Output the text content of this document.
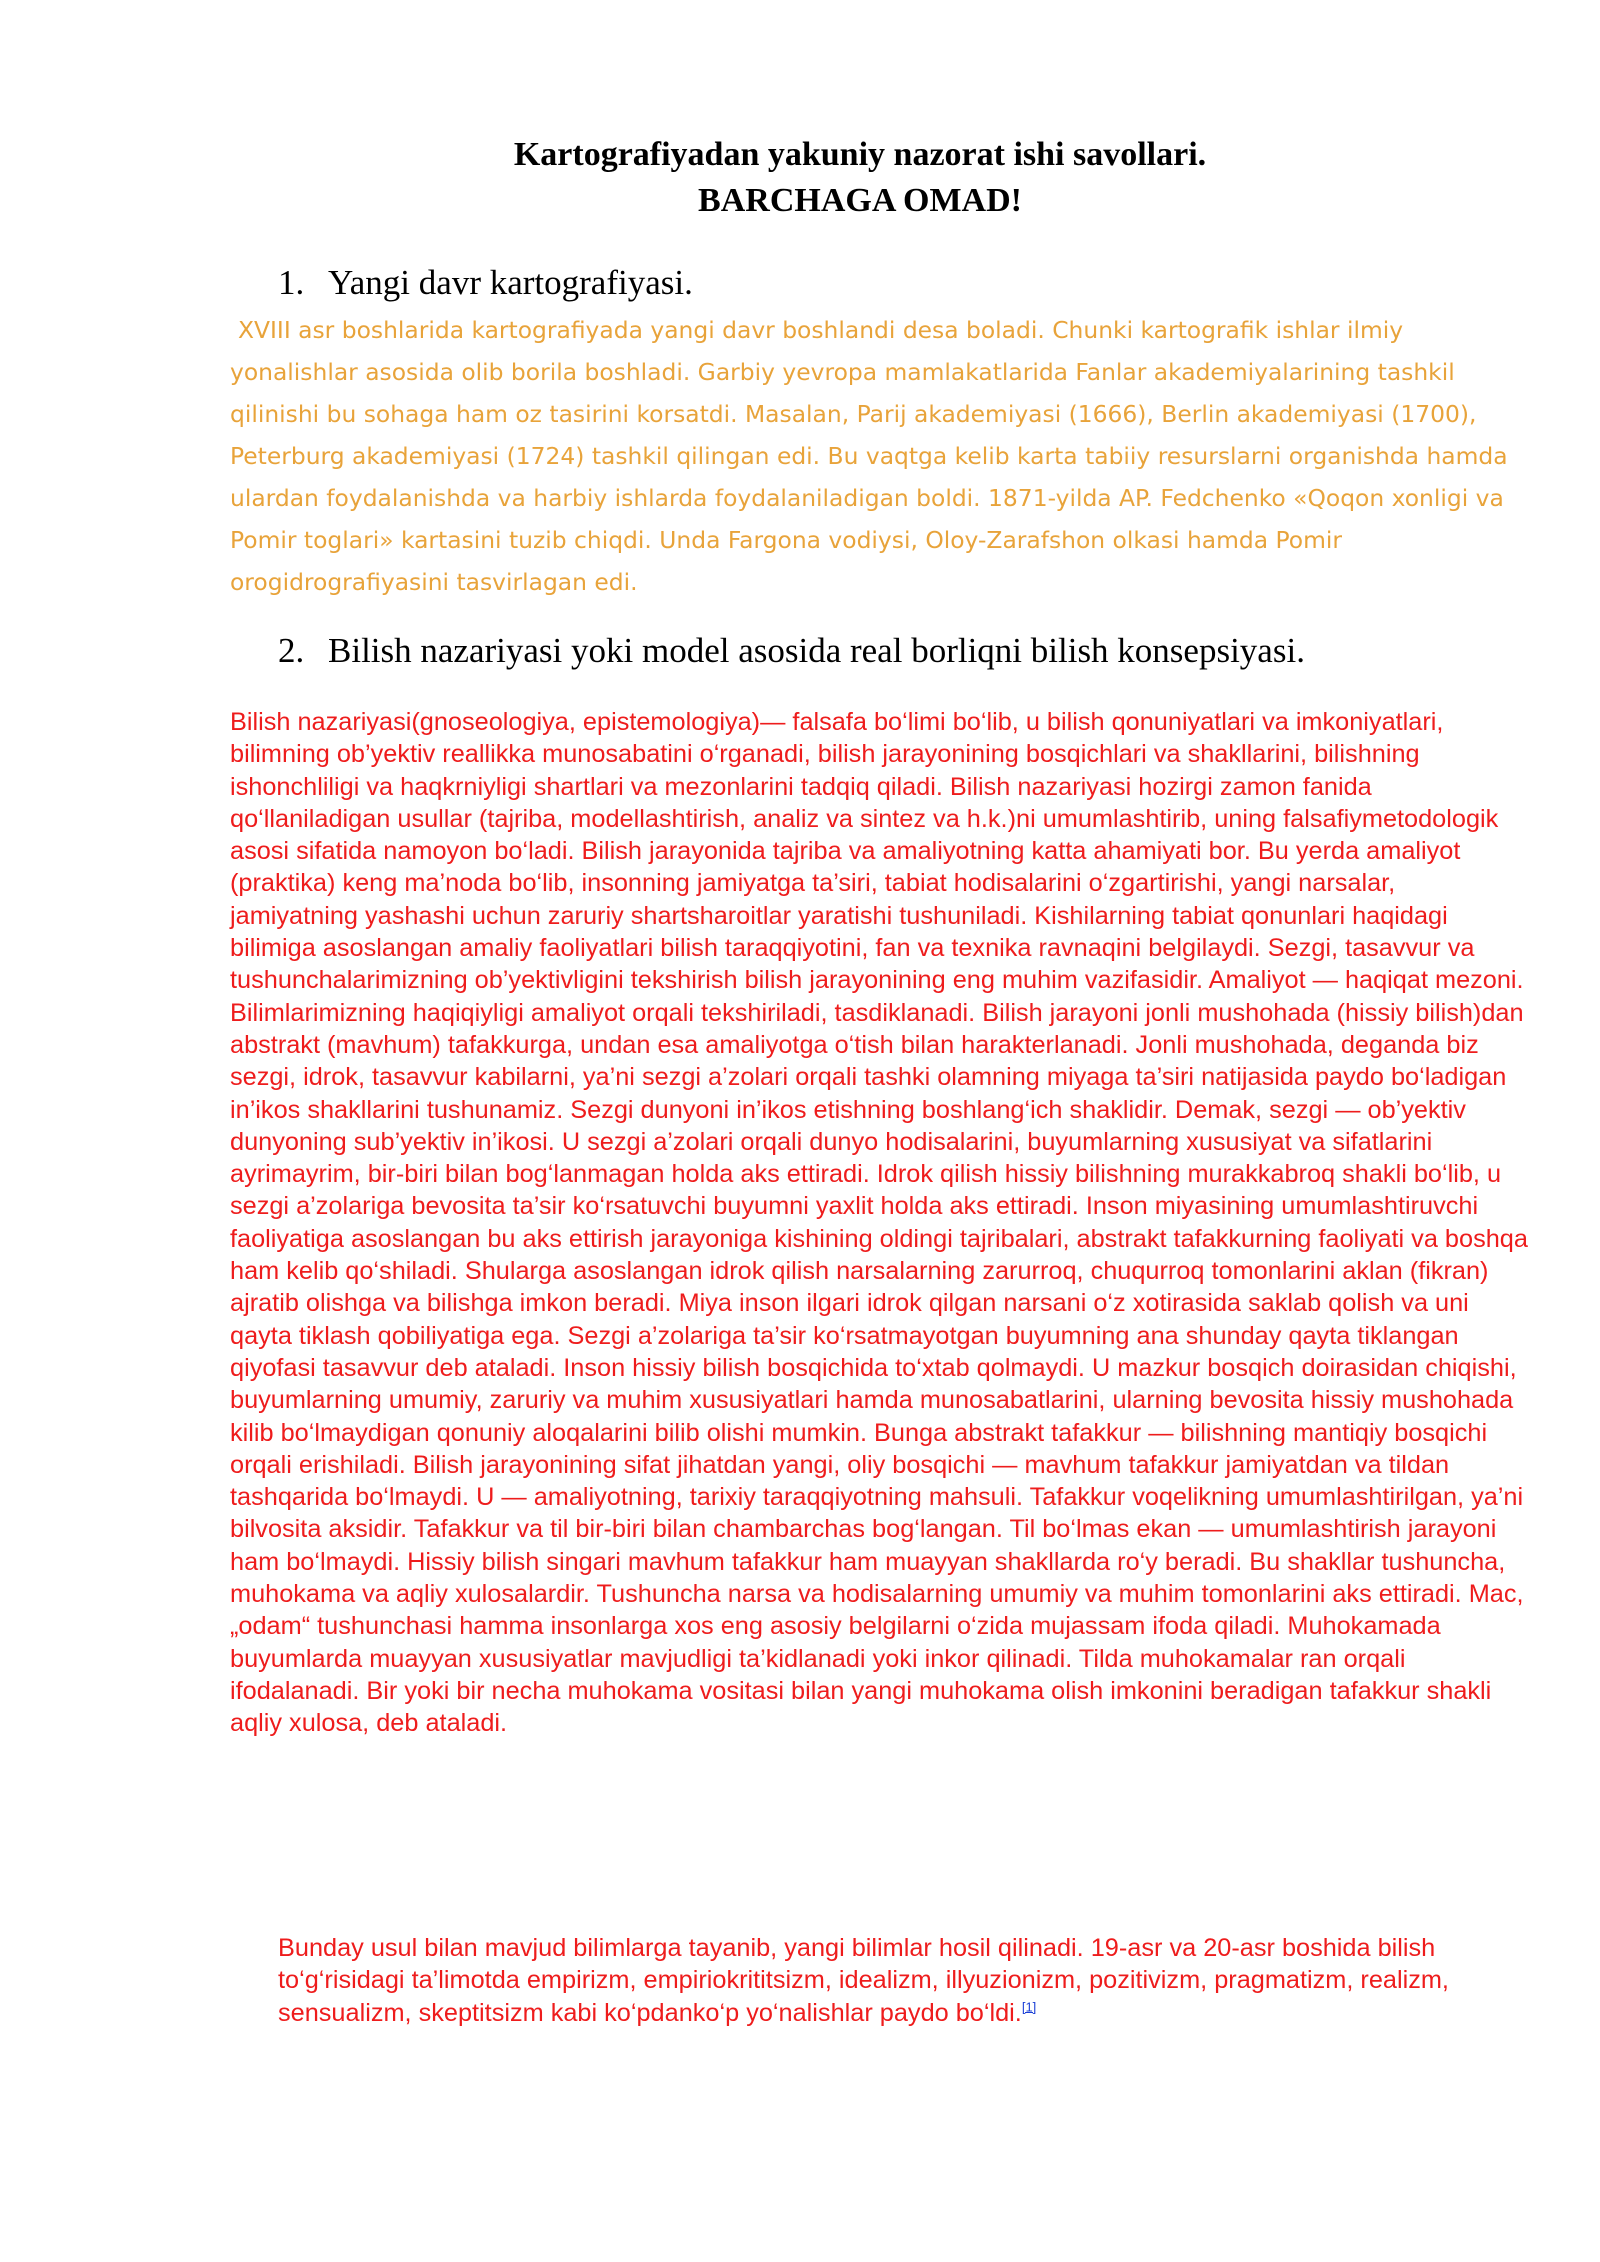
Kartografiyadan yakuniy nazorat ishi savollari.
BARCHAGA OMAD!
1. Yangi davr kartografiyasi.

XVIII asr boshlarida kartografiyada yangi davr boshlandi desa boladi. Chunki kartografik ishlar ilmiy yonalishlar asosida olib borila boshladi. Garbiy yevropa mamlakatlarida Fanlar akademiyalarining tashkil qilinishi bu sohaga ham oz tasirini korsatdi. Masalan, Parij akademiyasi (1666), Berlin akademiyasi (1700), Peterburg akademiyasi (1724) tashkil qilingan edi. Bu vaqtga kelib karta tabiiy resurslarni organishda hamda ulardan foydalanishda va harbiy ishlarda foydalaniladigan boldi. 1871-yilda AP. Fedchenko «Qoqon xonligi va Pomir toglari» kartasini tuzib chiqdi. Unda Fargona vodiysi, Oloy-Zarafshon olkasi hamda Pomir orogidrografiyasini tasvirlagan edi.

2. Bilish nazariyasi yoki model asosida real borliqni bilish konsepsiyasi.

Bilish nazariyasi(gnoseologiya, epistemologiya)— falsafa bo‘limi bo‘lib, u bilish qonuniyatlari va imkoniyatlari, bilimning ob’yektiv reallikka munosabatini o‘rganadi, bilish jarayonining bosqichlari va shakllarini, bilishning ishonchliligi va haqkrniyligi shartlari va mezonlarini tadqiq qiladi. Bilish nazariyasi hozirgi zamon fanida qo‘llaniladigan usullar (tajriba, modellashtirish, analiz va sintez va h.k.)ni umumlashtirib, uning falsafiymetodologik asosi sifatida namoyon bo‘ladi. Bilish jarayonida tajriba va amaliyotning katta ahamiyati bor. Bu yerda amaliyot (praktika) keng ma’noda bo‘lib, insonning jamiyatga ta’siri, tabiat hodisalarini o‘zgartirishi, yangi narsalar, jamiyatning yashashi uchun zaruriy shartsharoitlar yaratishi tushuniladi. Kishilarning tabiat qonunlari haqidagi bilimiga asoslangan amaliy faoliyatlari bilish taraqqiyotini, fan va texnika ravnaqini belgilaydi. Sezgi, tasavvur va tushunchalarimizning ob’yektivligini tekshirish bilish jarayonining eng muhim vazifasidir. Amaliyot — haqiqat mezoni. Bilimlarimizning haqiqiyligi amaliyot orqali tekshiriladi, tasdiklanadi. Bilish jarayoni jonli mushohada (hissiy bilish)dan abstrakt (mavhum) tafakkurga, undan esa amaliyotga o‘tish bilan harakterlanadi. Jonli mushohada, deganda biz sezgi, idrok, tasavvur kabilarni, ya’ni sezgi a’zolari orqali tashki olamning miyaga ta’siri natijasida paydo bo‘ladigan in’ikos shakllarini tushunamiz. Sezgi dunyoni in’ikos etishning boshlang‘ich shaklidir. Demak, sezgi — ob’yektiv dunyoning sub’yektiv in’ikosi. U sezgi a’zolari orqali dunyo hodisalarini, buyumlarning xususiyat va sifatlarini ayrimayrim, bir-biri bilan bog‘lanmagan holda aks ettiradi. Idrok qilish hissiy bilishning murakkabroq shakli bo‘lib, u sezgi a’zolariga bevosita ta’sir ko‘rsatuvchi buyumni yaxlit holda aks ettiradi. Inson miyasining umumlashtiruvchi faoliyatiga asoslangan bu aks ettirish jarayoniga kishining oldingi tajribalari, abstrakt tafakkurning faoliyati va boshqa ham kelib qo‘shiladi. Shularga asoslangan idrok qilish narsalarning zarurroq, chuqurroq tomonlarini aklan (fikran) ajratib olishga va bilishga imkon beradi. Miya inson ilgari idrok qilgan narsani o‘z xotirasida saklab qolish va uni qayta tiklash qobiliyatiga ega. Sezgi a’zolariga ta’sir ko‘rsatmayotgan buyumning ana shunday qayta tiklangan qiyofasi tasavvur deb ataladi. Inson hissiy bilish bosqichida to‘xtab qolmaydi. U mazkur bosqich doirasidan chiqishi, buyumlarning umumiy, zaruriy va muhim xususiyatlari hamda munosabatlarini, ularning bevosita hissiy mushohada kilib bo‘lmaydigan qonuniy aloqalarini bilib olishi mumkin. Bunga abstrakt tafakkur — bilishning mantiqiy bosqichi orqali erishiladi. Bilish jarayonining sifat jihatdan yangi, oliy bosqichi — mavhum tafakkur jamiyatdan va tildan tashqarida bo‘lmaydi. U — amaliyotning, tarixiy taraqqiyotning mahsuli. Tafakkur voqelikning umumlashtirilgan, ya’ni bilvosita aksidir. Tafakkur va til bir-biri bilan chambarchas bog‘langan. Til bo‘lmas ekan — umumlashtirish jarayoni ham bo‘lmaydi. Hissiy bilish singari mavhum tafakkur ham muayyan shakllarda ro‘y beradi. Bu shakllar tushuncha, muhokama va aqliy xulosalardir. Tushuncha narsa va hodisalarning umumiy va muhim tomonlarini aks ettiradi. Mac, „odam“ tushunchasi hamma insonlarga xos eng asosiy belgilarni o‘zida mujassam ifoda qiladi. Muhokamada buyumlarda muayyan xususiyatlar mavjudligi ta’kidlanadi yoki inkor qilinadi. Tilda muhokamalar ran orqali ifodalanadi. Bir yoki bir necha muhokama vositasi bilan yangi muhokama olish imkonini beradigan tafakkur shakli aqliy xulosa, deb ataladi.

Bunday usul bilan mavjud bilimlarga tayanib, yangi bilimlar hosil qilinadi. 19-asr va 20-asr boshida bilish to‘g‘risidagi ta’limotda empirizm, empiriokrititsizm, idealizm, illyuzionizm, pozitivizm, pragmatizm, realizm, sensualizm, skeptitsizm kabi ko‘pdanko‘p yo‘nalishlar paydo bo‘ldi.[1]
